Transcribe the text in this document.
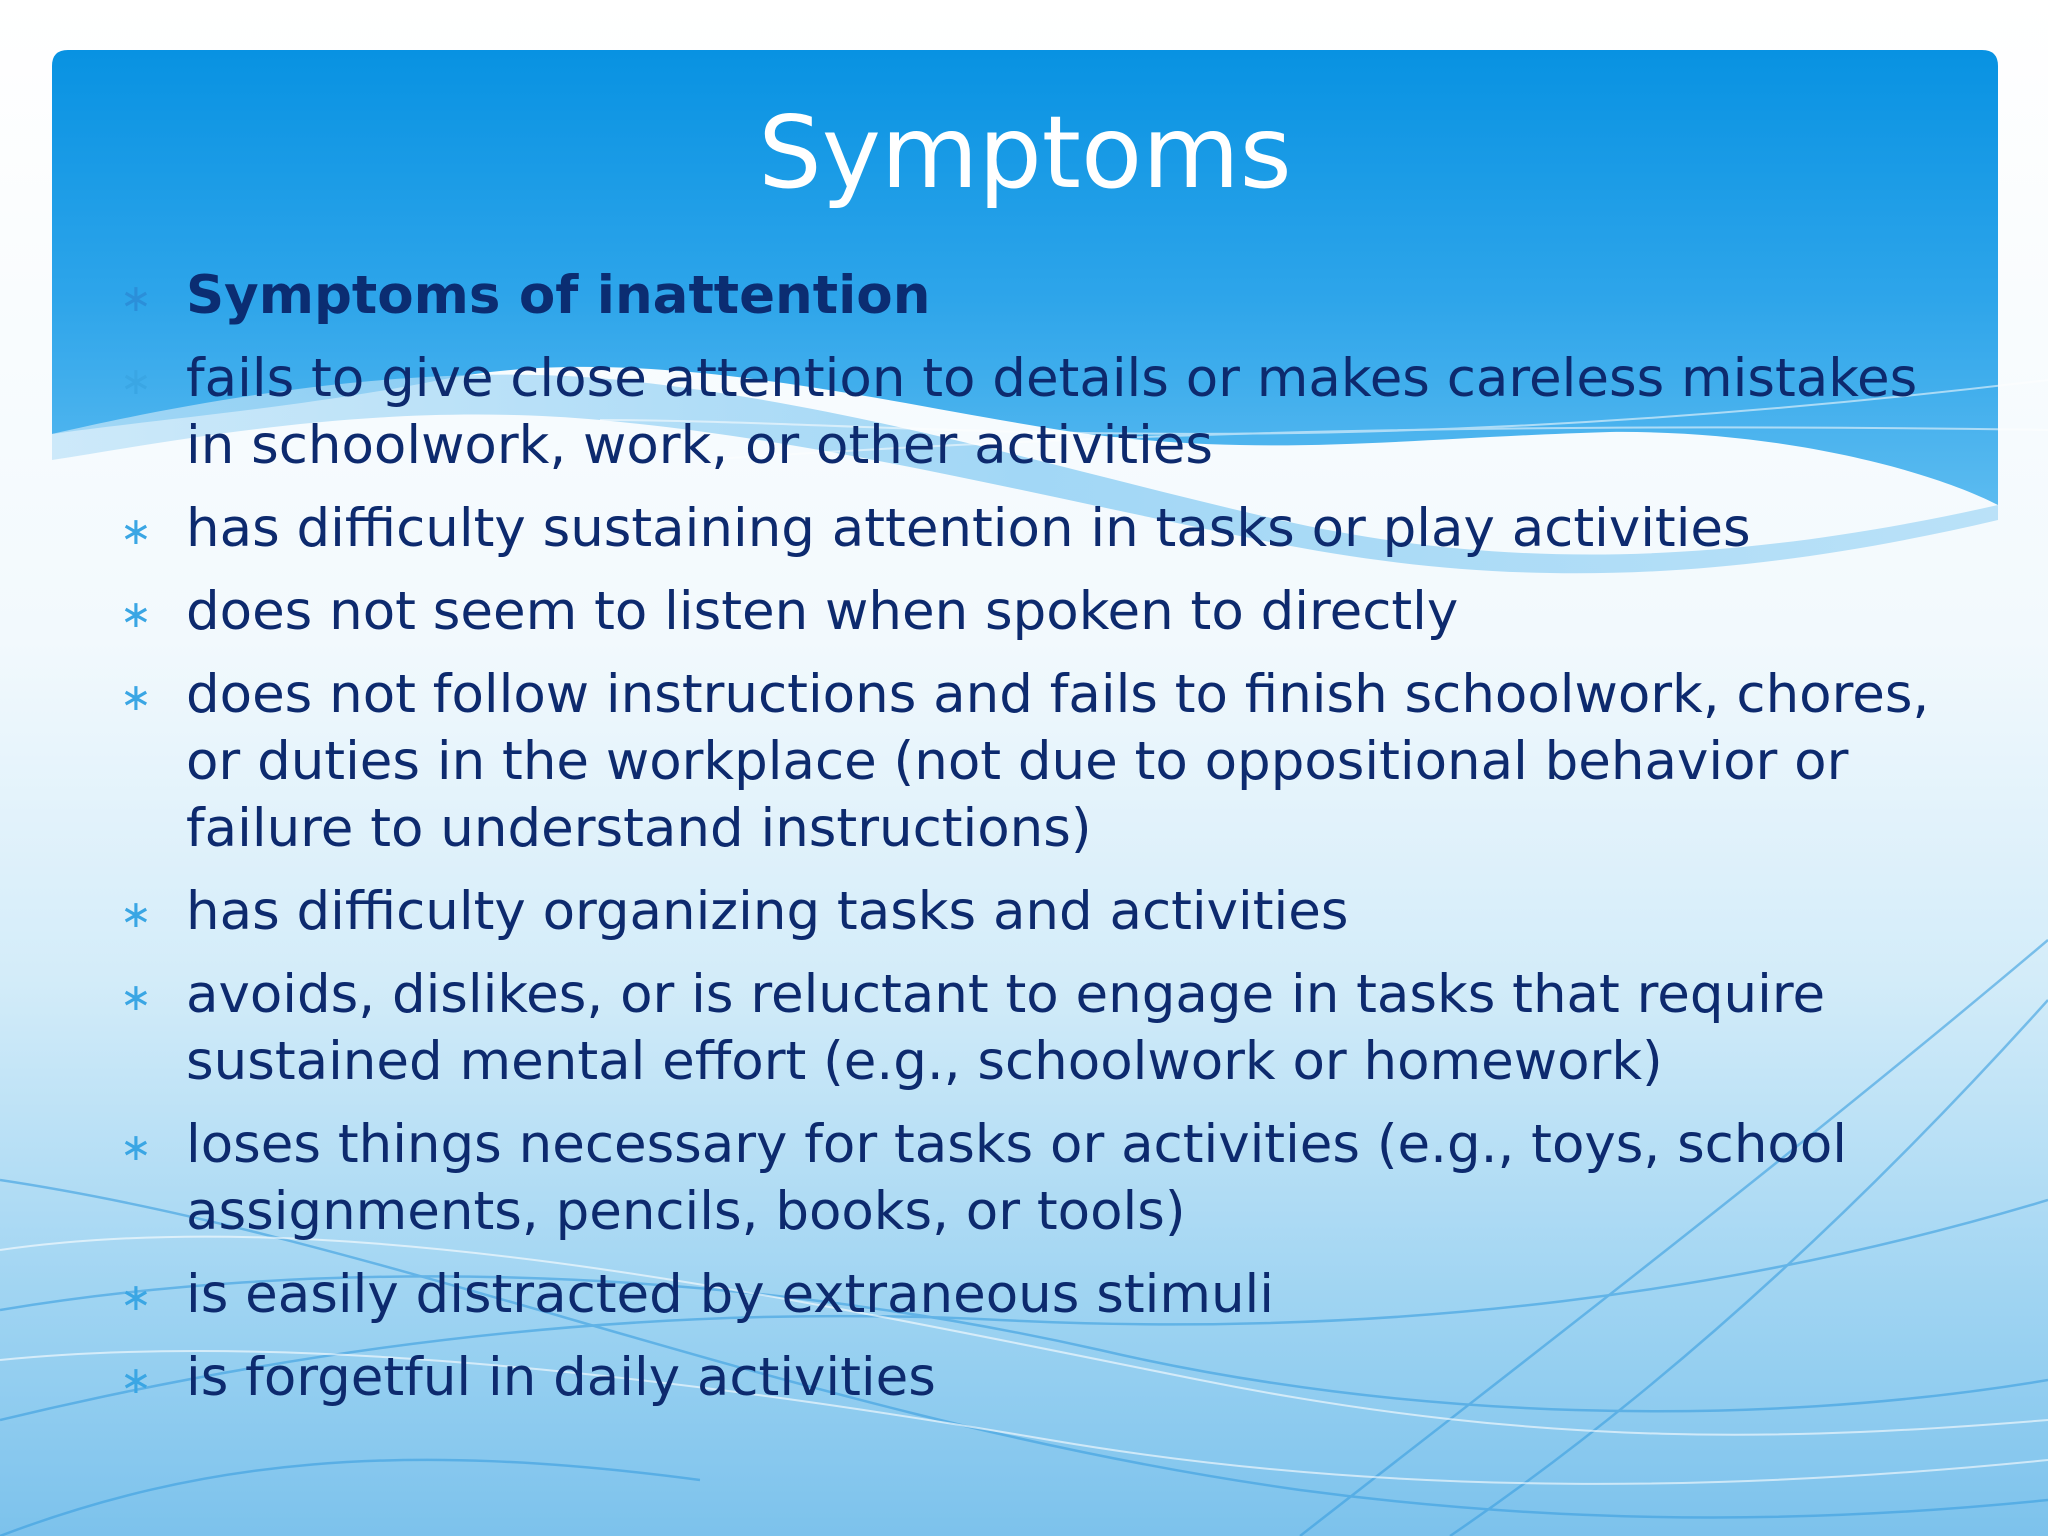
Symptoms
∗ Symptoms of inattention
∗ fails to give close attention to details or makes careless mistakes in schoolwork, work, or other activities
∗ has difficulty sustaining attention in tasks or play activities
∗ does not seem to listen when spoken to directly
∗ does not follow instructions and fails to finish schoolwork, chores, or duties in the workplace (not due to oppositional behavior or failure to understand instructions)
∗ has difficulty organizing tasks and activities
∗ avoids, dislikes, or is reluctant to engage in tasks that require sustained mental effort (e.g., schoolwork or homework)
∗ loses things necessary for tasks or activities (e.g., toys, school assignments, pencils, books, or tools)
∗ is easily distracted by extraneous stimuli
∗ is forgetful in daily activities
